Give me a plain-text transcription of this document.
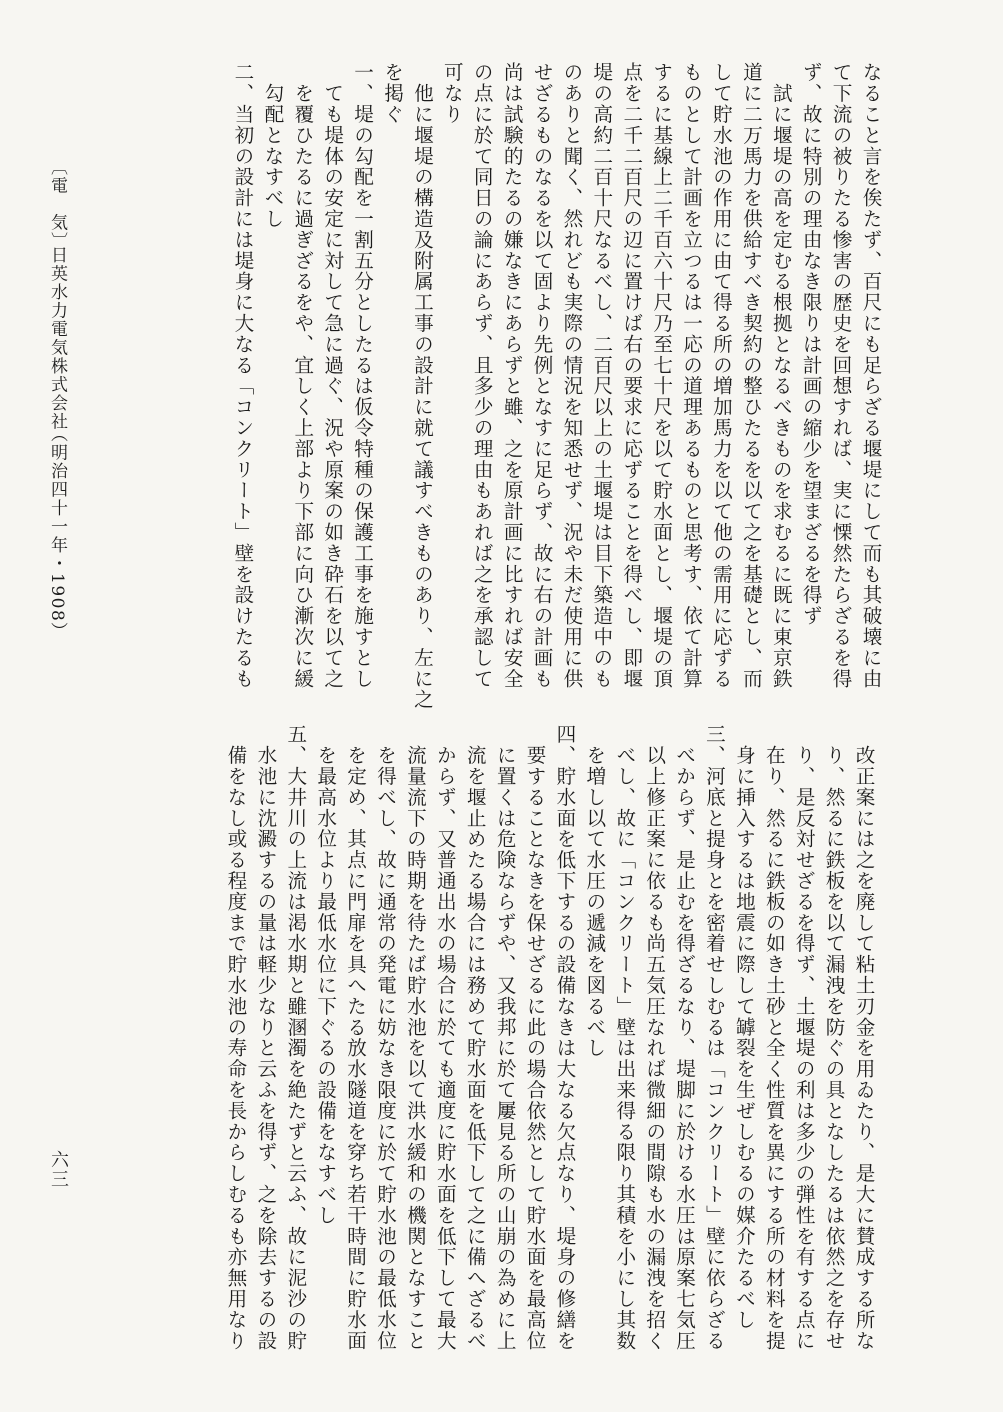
なること言を俟たず、百尺にも足らざる堰堤にして而も其破壊に由

て下流の被りたる惨害の歴史を回想すれば、実に慄然たらざるを得

ず、故に特別の理由なき限りは計画の縮少を望まざるを得ず

　試に堰堤の高を定むる根拠となるべきものを求むるに既に東京鉄

道に二万馬力を供給すべき契約の整ひたるを以て之を基礎とし、而

して貯水池の作用に由て得る所の増加馬力を以て他の需用に応ずる

ものとして計画を立つるは一応の道理あるものと思考す、依て計算

するに基線上二千百六十尺乃至七十尺を以て貯水面とし、堰堤の頂

点を二千二百尺の辺に置けば右の要求に応ずることを得べし、即堰

堤の高約二百十尺なるべし、二百尺以上の土堰堤は目下築造中のも

のありと聞く、然れども実際の情況を知悉せず、況や未だ使用に供

せざるものなるを以て固より先例となすに足らず、故に右の計画も

尚は試験的たるの嫌なきにあらずと雖、之を原計画に比すれば安全

の点に於て同日の論にあらず、且多少の理由もあれば之を承認して

可なり

　他に堰堤の構造及附属工事の設計に就て議すべきものあり、左に之

を掲ぐ

一、堤の勾配を一割五分としたるは仮令特種の保護工事を施すとし

　ても堤体の安定に対して急に過ぐ、況や原案の如き砕石を以て之

　を覆ひたるに過ぎざるをや、宜しく上部より下部に向ひ漸次に緩

　勾配となすべし

二、当初の設計には堤身に大なる「コンクリート」壁を設けたるも

　改正案には之を廃して粘土刃金を用ゐたり、是大に賛成する所な

　り、然るに鉄板を以て漏洩を防ぐの具となしたるは依然之を存せ

　り、是反対せざるを得ず、土堰堤の利は多少の弾性を有する点に

　在り、然るに鉄板の如き土砂と全く性質を異にする所の材料を提

　身に挿入するは地震に際して罅裂を生ぜしむるの媒介たるべし

三、河底と提身とを密着せしむるは「コンクリート」壁に依らざる

　べからず、是止むを得ざるなり、堤脚に於ける水圧は原案七気圧

　以上修正案に依るも尚五気圧なれば微細の間隙も水の漏洩を招く

　べし、故に「コンクリート」壁は出来得る限り其積を小にし其数

　を増し以て水圧の遞減を図るべし

四、貯水面を低下するの設備なきは大なる欠点なり、堤身の修繕を

　要することなきを保せざるに此の場合依然として貯水面を最高位

　に置くは危険ならずや、又我邦に於て屢見る所の山崩の為めに上

　流を堰止めたる場合には務めて貯水面を低下して之に備へざるべ

　からず、又普通出水の場合に於ても適度に貯水面を低下して最大

　流量流下の時期を待たば貯水池を以て洪水緩和の機関となすこと

　を得べし、故に通常の発電に妨なき限度に於て貯水池の最低水位

　を定め、其点に門扉を具へたる放水隧道を穿ち若干時間に貯水面

　を最高水位より最低水位に下ぐるの設備をなすべし

五、大井川の上流は渇水期と雖溷濁を絶たずと云ふ、故に泥沙の貯

　水池に沈澱するの量は軽少なりと云ふを得ず、之を除去するの設

　備をなし或る程度まで貯水池の寿命を長からしむるも亦無用なり

〔電　気〕
日英水力電気株式会社
（明治四十一年・1908）
六三
